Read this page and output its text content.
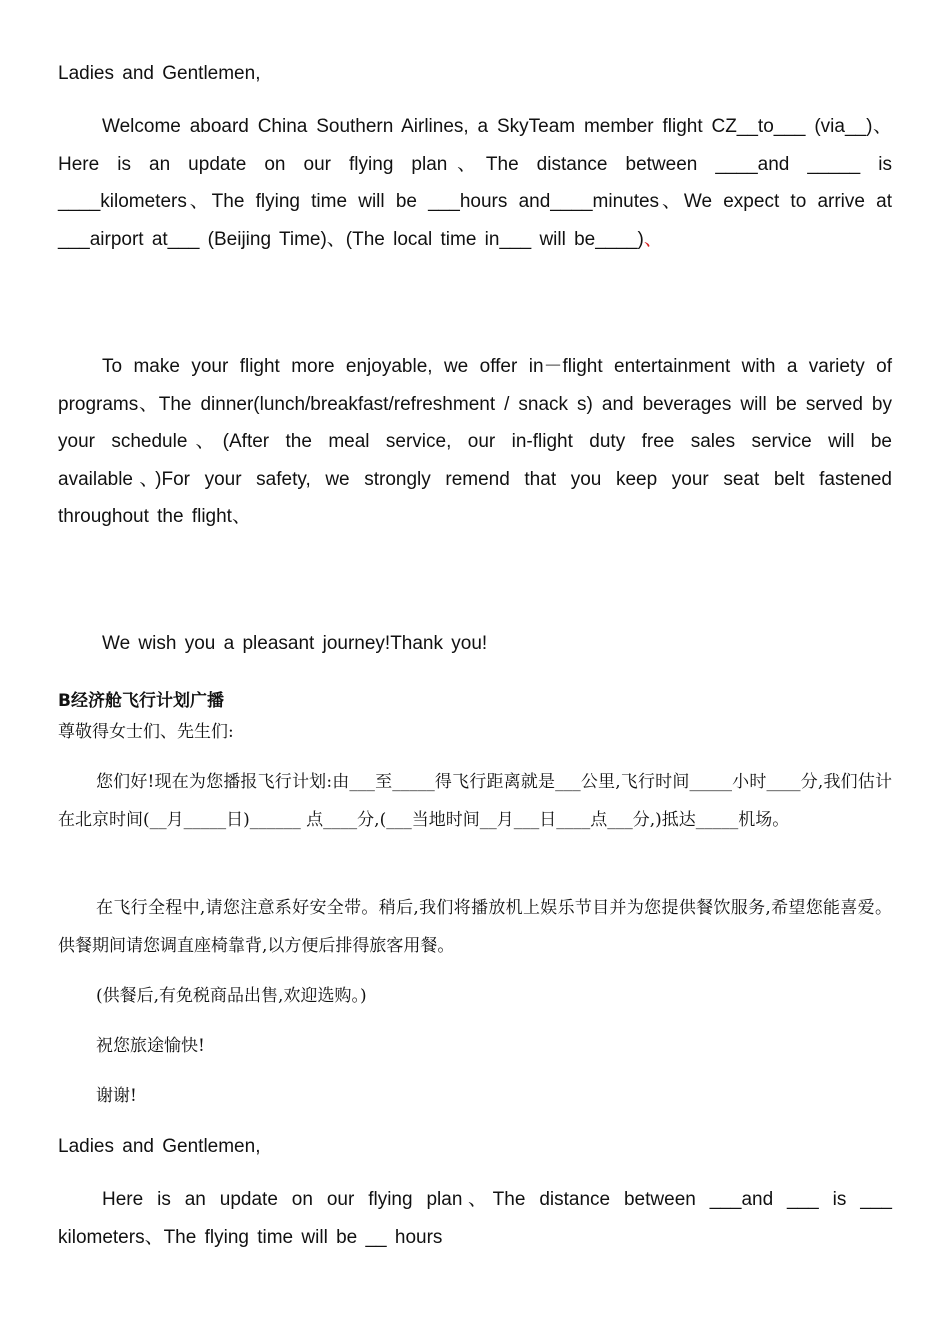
Ladies and Gentlemen,

Welcome aboard China Southern Airlines, a SkyTeam member flight CZ__to___ (via__)、Here is an update on our flying plan、The distance between ____and _____ is ____kilometers、The flying time will be ___hours and____minutes、We expect to arrive at ___airport at___ (Beijing Time)、(The local time in___ will be____)、

To make your flight more enjoyable, we offer in－flight entertainment with a variety of programs、The dinner(lunch/breakfast/refreshment / snack s) and beverages will be served by your schedule、(After the meal service, our in-flight duty free sales service will be available、)For your safety, we strongly remend that you keep your seat belt fastened throughout the flight、

We wish you a pleasant journey!Thank you!

B经济舱飞行计划广播

尊敬得女士们、先生们:

您们好!现在为您播报飞行计划:由___至_____得飞行距离就是___公里,飞行时间_____小时____分,我们估计在北京时间(__月_____日)______ 点____分,(___当地时间__月___日____点___分,)抵达_____机场。

在飞行全程中,请您注意系好安全带。稍后,我们将播放机上娱乐节目并为您提供餐饮服务,希望您能喜爱。供餐期间请您调直座椅靠背,以方便后排得旅客用餐。

(供餐后,有免税商品出售,欢迎选购。)

祝您旅途愉快!

谢谢!

Ladies and Gentlemen,

Here is an update on our flying plan、The distance between ___and ___ is ___ kilometers、The flying time will be __ hours
